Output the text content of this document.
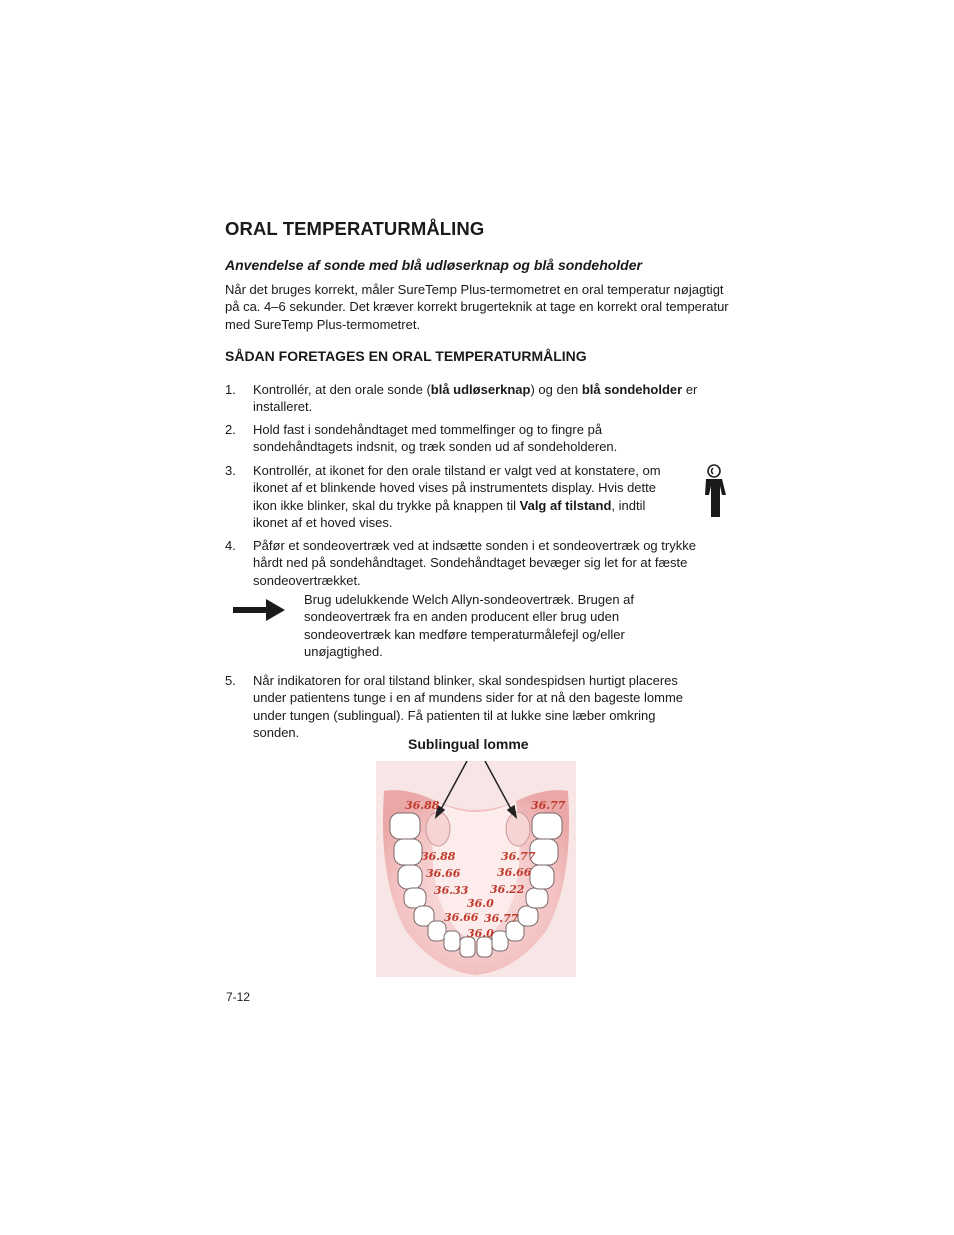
ORAL TEMPERATURMÅLING
Anvendelse af sonde med blå udløserknap og blå sondeholder

Når det bruges korrekt, måler SureTemp Plus-termometret en oral temperatur nøjagtigt på ca. 4–6 sekunder. Det kræver korrekt brugerteknik at tage en korrekt oral temperatur med SureTemp Plus-termometret.

SÅDAN FORETAGES EN ORAL TEMPERATURMÅLING
1. Kontrollér, at den orale sonde (blå udløserknap) og den blå sondeholder er
installeret.
2. Hold fast i sondehåndtaget med tommelfinger og to fingre på
sondehåndtagets indsnit, og træk sonden ud af sondeholderen.
3. Kontrollér, at ikonet for den orale tilstand er valgt ved at konstatere, om
ikonet af et blinkende hoved vises på instrumentets display. Hvis dette
ikon ikke blinker, skal du trykke på knappen til Valg af tilstand, indtil
ikonet af et hoved vises.
4. Påfør et sondeovertræk ved at indsætte sonden i et sondeovertræk og trykke
hårdt ned på sondehåndtaget. Sondehåndtaget bevæger sig let for at fæste
sondeovertrækket.
Brug udelukkende Welch Allyn-sondeovertræk. Brugen af
sondeovertræk fra en anden producent eller brug uden
sondeovertræk kan medføre temperaturmålefejl og/eller
unøjagtighed.
5. Når indikatoren for oral tilstand blinker, skal sondespidsen hurtigt placeres
under patientens tunge i en af mundens sider for at nå den bageste lomme
under tungen (sublingual). Få patienten til at lukke sine læber omkring
sonden.
Sublingual lomme
36.88	36.77
36.88	36.77
36.66	36.66
36.33 36.22
36.0
36.66 36.77
36.0
7-12
